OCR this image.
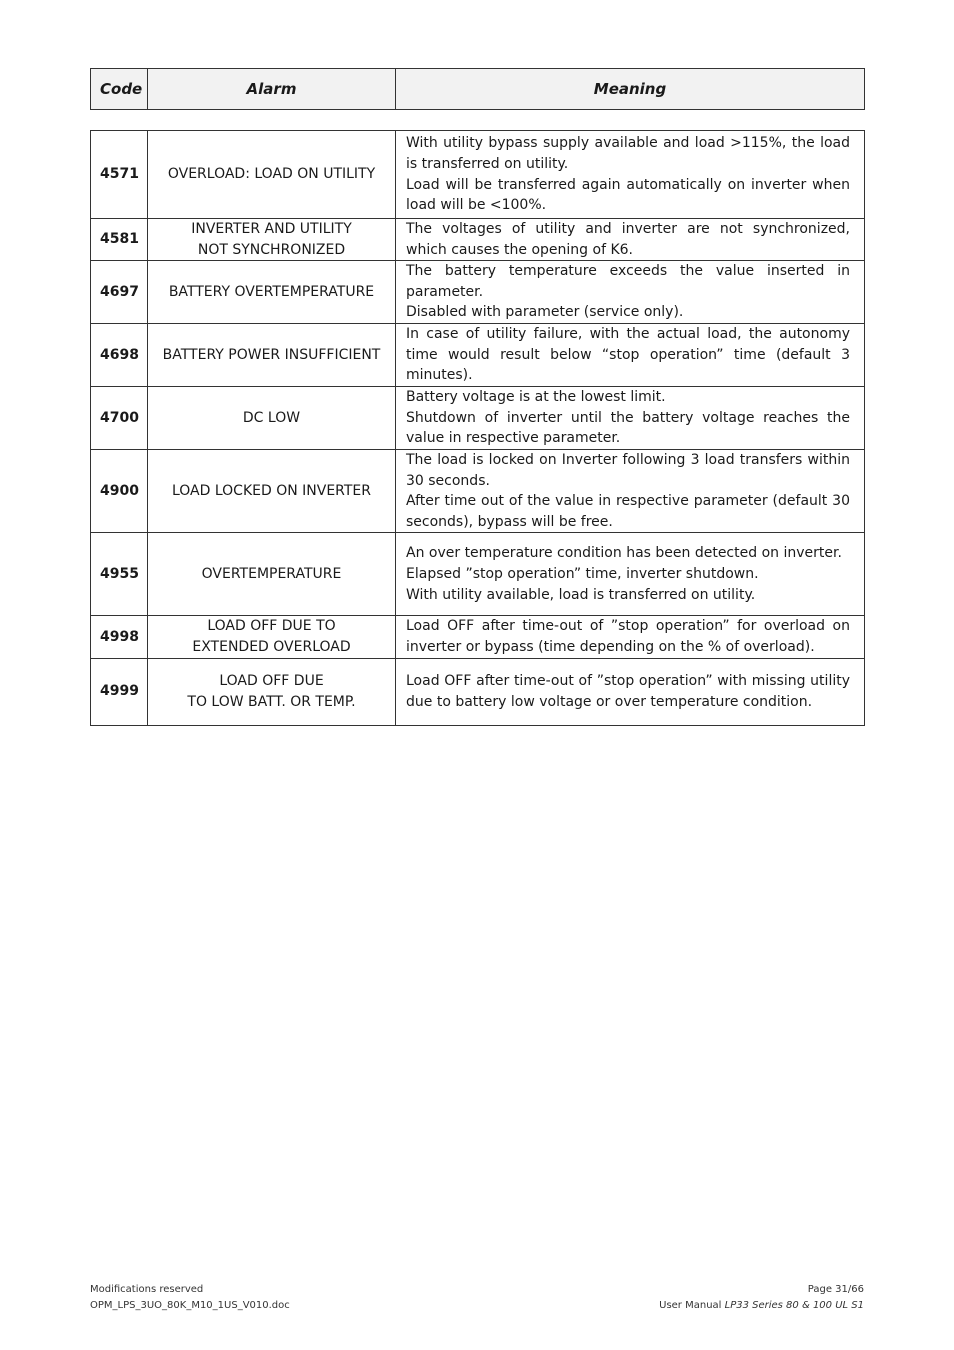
Code	Alarm	Meaning
4571	OVERLOAD: LOAD ON UTILITY	With utility bypass supply available and load >115%, the load is transferred on utility.
Load will be transferred again automatically on inverter when load will be <100%.

4581	INVERTER AND UTILITY
NOT SYNCHRONIZED	The voltages of utility and inverter are not synchronized, which causes the opening of K6.

4697	BATTERY OVERTEMPERATURE	The battery temperature exceeds the value inserted in parameter.
Disabled with parameter (service only).

4698	BATTERY POWER INSUFFICIENT	In case of utility failure, with the actual load, the autonomy time would result below “stop operation” time (default 3 minutes).

4700	DC LOW	Battery voltage is at the lowest limit.
Shutdown of inverter until the battery voltage reaches the value in respective parameter.

4900	LOAD LOCKED ON INVERTER	The load is locked on Inverter following 3 load transfers within 30 seconds.
After time out of the value in respective parameter (default 30 seconds), bypass will be free.

4955	OVERTEMPERATURE	An over temperature condition has been detected on inverter.
Elapsed ”stop operation” time, inverter shutdown.
With utility available, load is transferred on utility.

4998	LOAD OFF DUE TO
EXTENDED OVERLOAD	Load OFF after time-out of ”stop operation” for overload on inverter or bypass (time depending on the % of overload).

4999	LOAD OFF DUE
TO LOW BATT. OR TEMP.	Load OFF after time-out of ”stop operation” with missing utility due to battery low voltage or over temperature condition.
Modifications reserved
OPM_LPS_3UO_80K_M10_1US_V010.doc
Page 31/66
User Manual LP33 Series 80 & 100 UL S1
